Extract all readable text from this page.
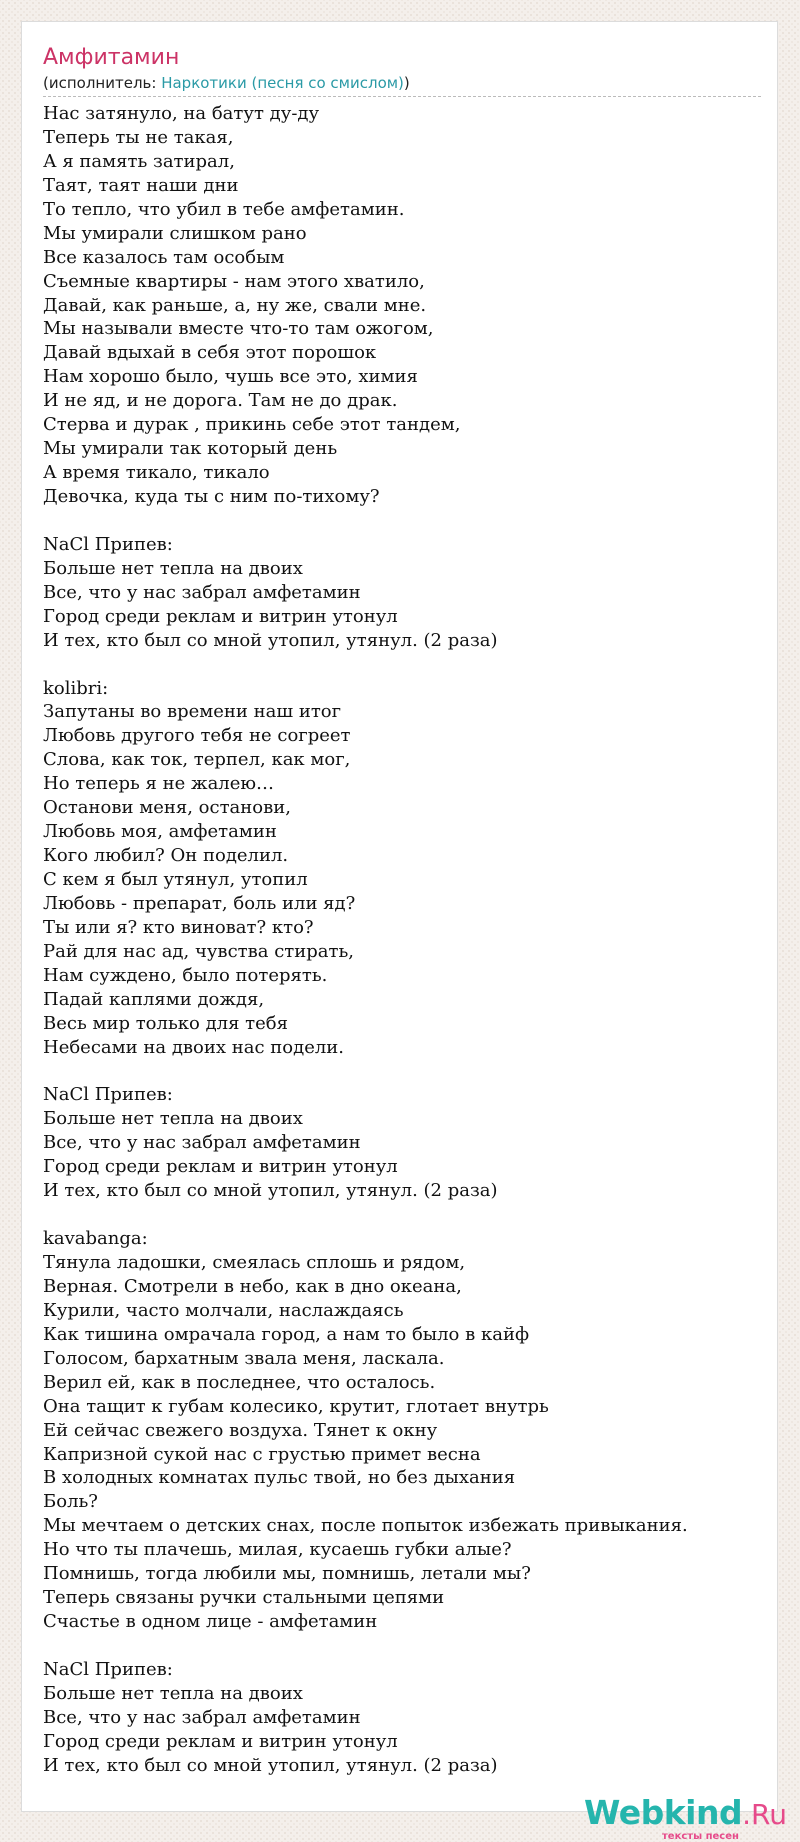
Амфитамин
(исполнитель: Наркотики (песня со смислом))
Нас затянуло, на батут ду-ду
Теперь ты не такая,
А я память затирал,
Таят, таят наши дни
То тепло, что убил в тебе амфетамин.
Мы умирали слишком рано
Все казалось там особым
Съемные квартиры - нам этого хватило,
Давай, как раньше, а, ну же, свали мне.
Мы называли вместе что-то там ожогом,
Давай вдыхай в себя этот порошок
Нам хорошо было, чушь все это, химия
И не яд, и не дорога. Там не до драк.
Стерва и дурак , прикинь себе этот тандем,
Мы умирали так который день
А время тикало, тикало
Девочка, куда ты с ним по-тихому?
NaCl Припев:
Больше нет тепла на двоих
Все, что у нас забрал амфетамин
Город среди реклам и витрин утонул
И тех, кто был со мной утопил, утянул. (2 раза)
kolibri:
Запутаны во времени наш итог
Любовь другого тебя не согреет
Слова, как ток, терпел, как мог,
Но теперь я не жалею…
Останови меня, останови,
Любовь моя, амфетамин
Кого любил? Он поделил.
С кем я был утянул, утопил
Любовь - препарат, боль или яд?
Ты или я? кто виноват? кто?
Рай для нас ад, чувства стирать,
Нам суждено, было потерять.
Падай каплями дождя,
Весь мир только для тебя
Небесами на двоих нас подели.
NaCl Припев:
Больше нет тепла на двоих
Все, что у нас забрал амфетамин
Город среди реклам и витрин утонул
И тех, кто был со мной утопил, утянул. (2 раза)
kavabanga:
Тянула ладошки, смеялась сплошь и рядом,
Верная. Смотрели в небо, как в дно океана,
Курили, часто молчали, наслаждаясь
Как тишина омрачала город, а нам то было в кайф
Голосом, бархатным звала меня, ласкала.
Верил ей, как в последнее, что осталось.
Она тащит к губам колесико, крутит, глотает внутрь
Ей сейчас свежего воздуха. Тянет к окну
Капризной сукой нас с грустью примет весна
В холодных комнатах пульс твой, но без дыхания
Боль?
Мы мечтаем о детских снах, после попыток избежать привыкания.
Но что ты плачешь, милая, кусаешь губки алые?
Помнишь, тогда любили мы, помнишь, летали мы?
Теперь связаны ручки стальными цепями
Счастье в одном лице - амфетамин
NaCl Припев:
Больше нет тепла на двоих
Все, что у нас забрал амфетамин
Город среди реклам и витрин утонул
И тех, кто был со мной утопил, утянул. (2 раза)
Webkind.Ru
тексты песен
